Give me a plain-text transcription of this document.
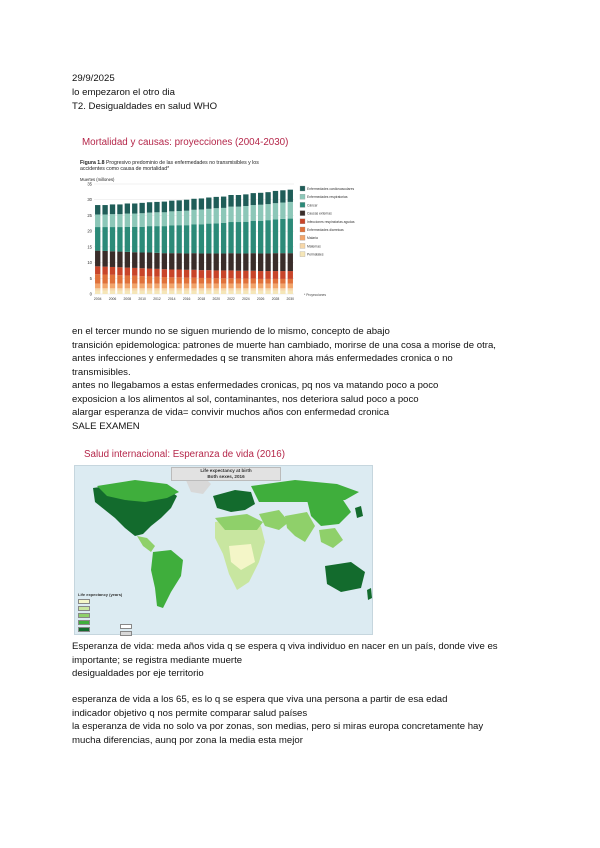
29/9/2025
lo empezaron el otro dia
T2. Desigualdades en salud WHO
Mortalidad y causas: proyecciones (2004-2030)
Figura 1.8 Progresivo predominio de las enfermedades no transmisibles y los accidentes como causa de mortalidad*
Muertes (millones)
0
5
10
15
20
25
30
35
2004 2006 2008 2010 2012 2014 2016 2018 2020 2022 2024 2026 2028 2030
Enfermedades cardiovasculares
Enfermedades respiratorias
Cáncer
Causas externas
Infecciones respiratorias agudas
Enfermedades diarreicas
Malaria
Maternas
Perinatales
* Proyecciones
en el tercer mundo no se siguen muriendo de lo mismo, concepto de abajo
transición epidemologica: patrones de muerte han cambiado, morirse de una cosa a morise de otra,
antes infecciones y enfermedades q se transmiten ahora más enfermedades cronica o no
transmisibles.
antes no llegabamos a estas enfermedades cronicas, pq nos va matando poco a poco
exposicion a los alimentos al sol, contaminantes, nos deteriora salud poco a poco
alargar esperanza de vida= convivir muchos años con enfermedad cronica
SALE EXAMEN
Salud internacional: Esperanza de vida (2016)
Life expectancy at birth
Both sexes, 2016
Life expectancy (years)
Esperanza de vida: meda años vida q se espera q viva individuo en nacer en un país, donde vive es
importante; se registra mediante muerte
desigualdades por eje territorio
esperanza de vida a los 65, es lo q se espera que viva una persona a partir de esa edad
indicador objetivo q nos permite comparar salud países
la esperanza de vida no solo va por zonas, son medias, pero si miras europa concretamente hay
mucha diferencias, aunq por zona la media esta mejor
